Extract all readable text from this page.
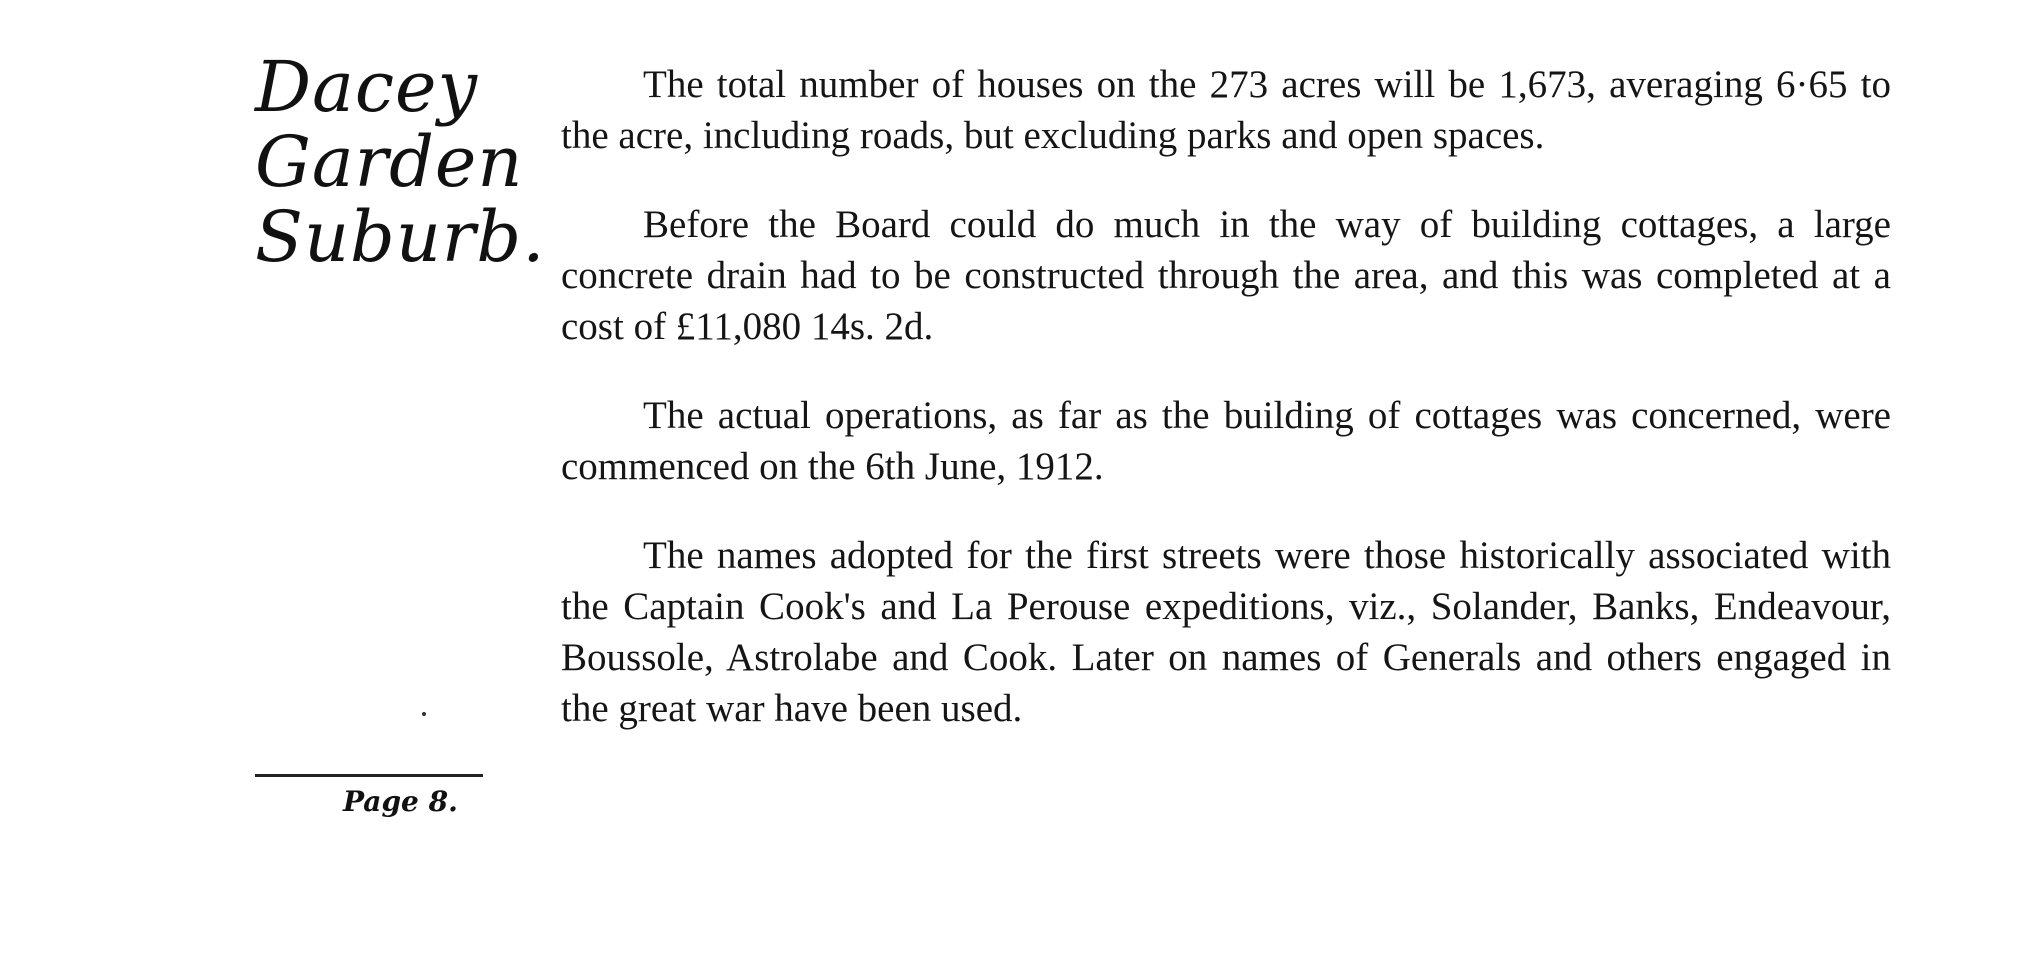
Dacey
Garden
Suburb.
Page 8.

The total number of houses on the 273 acres will be 1,673, averaging 6·65 to the acre, including roads, but excluding parks and open spaces.

Before the Board could do much in the way of building cottages, a large concrete drain had to be constructed through the area, and this was completed at a cost of £11,080 14s. 2d.

The actual operations, as far as the building of cottages was concerned, were commenced on the 6th June, 1912.

The names adopted for the first streets were those historically associated with the Captain Cook's and La Perouse expeditions, viz., Solander, Banks, Endeavour, Boussole, Astrolabe and Cook. Later on names of Generals and others engaged in the great war have been used.
